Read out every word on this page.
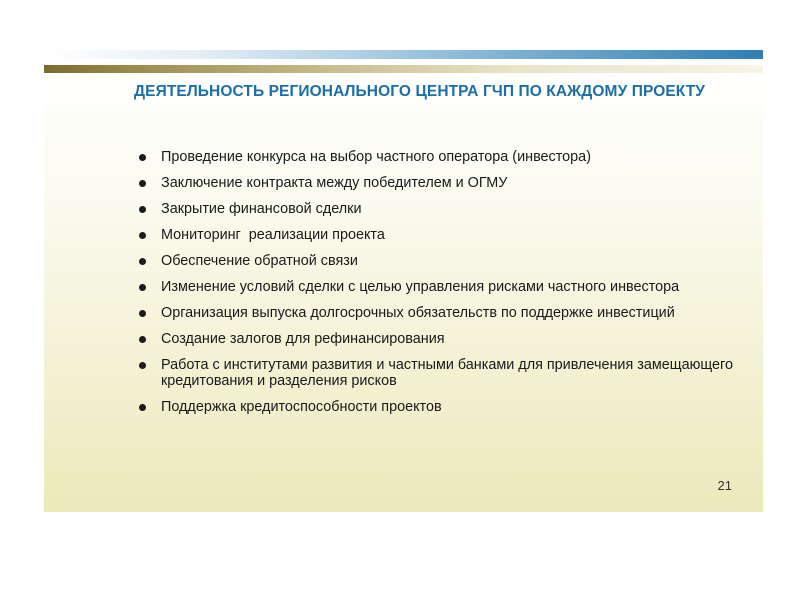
ДЕЯТЕЛЬНОСТЬ РЕГИОНАЛЬНОГО ЦЕНТРА ГЧП ПО КАЖДОМУ ПРОЕКТУ
Проведение конкурса на выбор частного оператора (инвестора)
Заключение контракта между победителем и ОГМУ
Закрытие финансовой сделки
Мониторинг  реализации проекта
Обеспечение обратной связи
Изменение условий сделки с целью управления рисками частного инвестора
Организация выпуска долгосрочных обязательств по поддержке инвестиций
Создание залогов для рефинансирования
Работа с институтами развития и частными банками для привлечения замещающего кредитования и разделения рисков
Поддержка кредитоспособности проектов
21
